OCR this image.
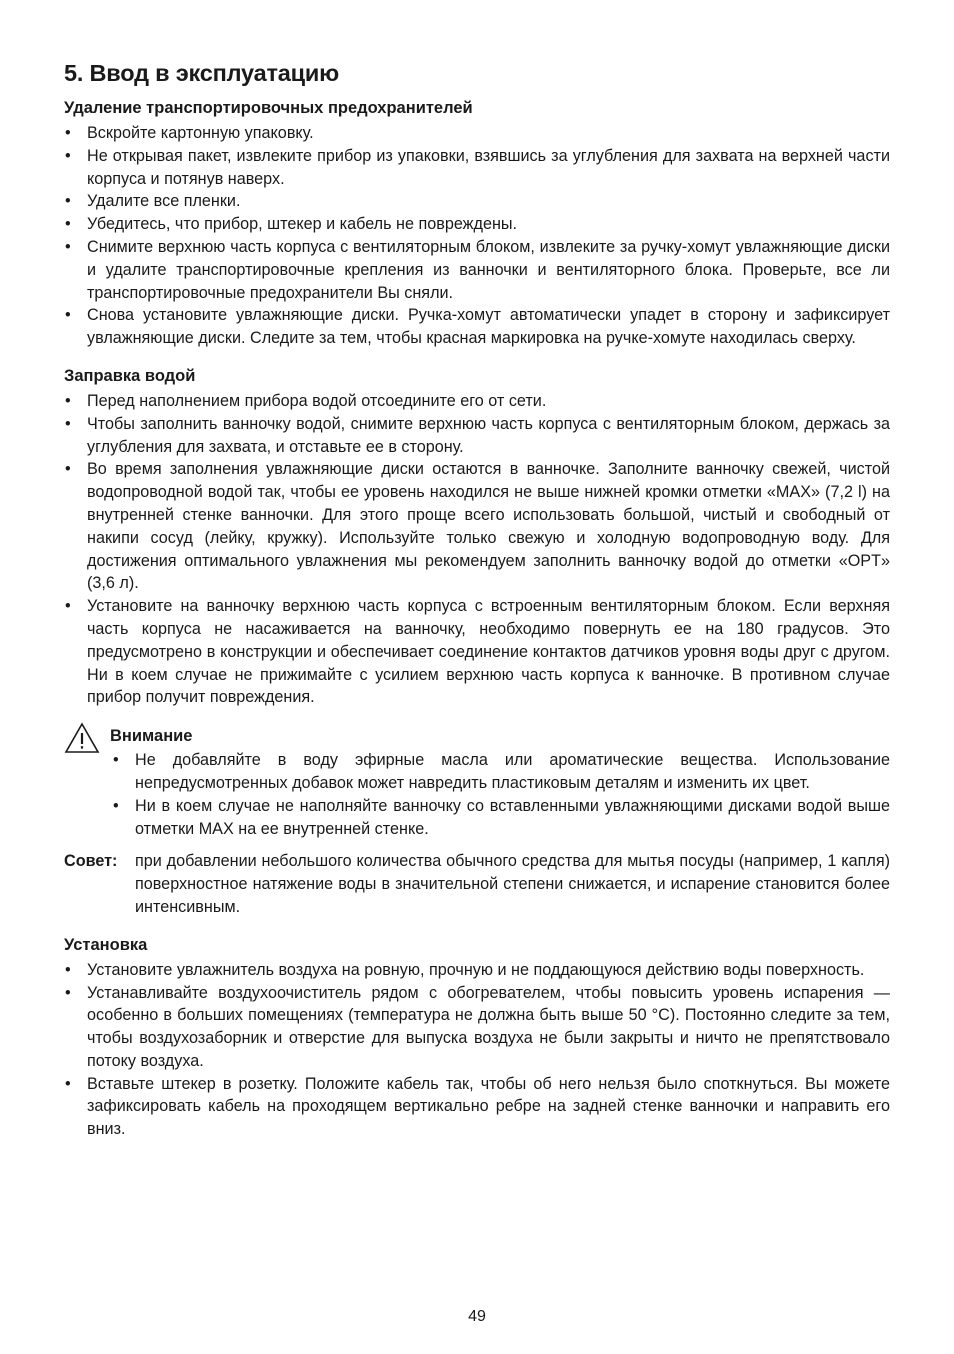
5. Ввод в эксплуатацию
Удаление транспортировочных предохранителей
• Вскройте картонную упаковку.
• Не открывая пакет, извлеките прибор из упаковки, взявшись за углубления для захвата на верхней части корпуса и потянув наверх.
• Удалите все пленки.
• Убедитесь, что прибор, штекер и кабель не повреждены.
• Снимите верхнюю часть корпуса с вентиляторным блоком, извлеките за ручку-хомут увлажняющие диски и удалите транспортировочные крепления из ванночки и вентиляторного блока. Проверьте, все ли транспортировочные предохранители Вы сняли.
• Снова установите увлажняющие диски. Ручка-хомут автоматически упадет в сторону и зафиксирует увлажняющие диски. Следите за тем, чтобы красная маркировка на ручке-хомуте находилась сверху.
Заправка водой
• Перед наполнением прибора водой отсоедините его от сети.
• Чтобы заполнить ванночку водой, снимите верхнюю часть корпуса с вентиляторным блоком, держась за углубления для захвата, и отставьте ее в сторону.
• Во время заполнения увлажняющие диски остаются в ванночке. Заполните ванночку свежей, чистой водопроводной водой так, чтобы ее уровень находился не выше нижней кромки отметки «MAX» (7,2 l) на внутренней стенке ванночки. Для этого проще всего использовать большой, чистый и свободный от накипи сосуд (лейку, кружку). Используйте только свежую и холодную водопроводную воду. Для достижения оптимального увлажнения мы рекомендуем заполнить ванночку водой до отметки «OPT» (3,6 л).
• Установите на ванночку верхнюю часть корпуса с встроенным вентиляторным блоком. Если верхняя часть корпуса не насаживается на ванночку, необходимо повернуть ее на 180 градусов. Это предусмотрено в конструкции и обеспечивает соединение контактов датчиков уровня воды друг с другом. Ни в коем случае не прижимайте с усилием верхнюю часть корпуса к ванночке. В противном случае прибор получит повреждения.
Внимание
• Не добавляйте в воду эфирные масла или ароматические вещества. Использование непредусмотренных добавок может навредить пластиковым деталям и изменить их цвет.
• Ни в коем случае не наполняйте ванночку со вставленными увлажняющими дисками водой выше отметки MAX на ее внутренней стенке.
Совет:	при добавлении небольшого количества обычного средства для мытья посуды (например, 1 капля) поверхностное натяжение воды в значительной степени снижается, и испарение становится более интенсивным.
Установка
• Установите увлажнитель воздуха на ровную, прочную и не поддающуюся действию воды поверхность.
• Устанавливайте воздухоочиститель рядом с обогревателем, чтобы повысить уровень испарения — особенно в больших помещениях (температура не должна быть выше 50 °C). Постоянно следите за тем, чтобы воздухозаборник и отверстие для выпуска воздуха не были закрыты и ничто не препятствовало потоку воздуха.
• Вставьте штекер в розетку. Положите кабель так, чтобы об него нельзя было споткнуться. Вы можете зафиксировать кабель на проходящем вертикально ребре на задней стенке ванночки и направить его вниз.
49
